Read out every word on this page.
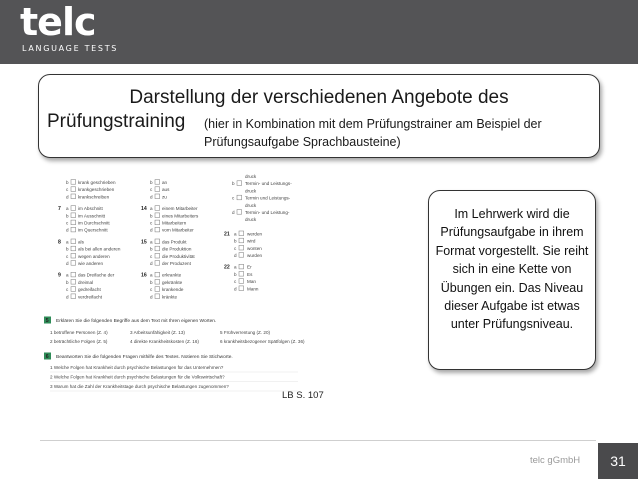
telc
LANGUAGE TESTS
Darstellung der verschiedenen Angebote des
Prüfungstraining (hier in Kombination mit dem Prüfungstrainer am Beispiel der
Prüfungsaufgabe Sprachbausteine)
b krank geschrieben
c krankgeschrieben
d krankschreiben
7 a im Abschnitt
b im Ausschnitt
c im Durchschnitt
d im Querschnitt
8 a als
b als bei allen anderen
c wegen anderen
d wie anderen
9 a das Dreifache der
b dreimal
c gedreifacht
d verdreifacht
b an
c aus
d zu
14 a einem Mitarbeiter
b eines Mitarbeiters
c Mitarbeitern
d vom Mitarbeiter
15 a das Produkt
b die Produktion
c die Produktivität
d der Produzent
16 a erkrankte
b gekränkte
c krankende
d kränkte
druck
b Termin- und Leistungs-
druck
c Termin und Leistungs-
druck
d Termin- und Leistung-
druck
21 a werden
b wird
c wonten
d wurden
22 a Er
b Es
c Man
d Mann
5 Erklären Sie die folgenden Begriffe aus dem Text mit Ihren eigenen Worten.
1 betroffene Personen (Z. 4)
2 beträchtliche Folgen (Z. 5)
3 Arbeitsunfähigkeit (Z. 13)
4 direkte Krankheitskosten (Z. 16)
5 Frühverrentung (Z. 20)
6 krankheitsbezogener Spätfolgen (Z. 36)
6 Beantworten Sie die folgenden Fragen mithilfe des Textes. Notieren Sie Stichworte.
1 Welche Folgen hat Krankheit durch psychische Belastungen für das Unternehmen?
2 Welche Folgen hat Krankheit durch psychische Belastungen für die Volkswirtschaft?
3 Warum hat die Zahl der Krankheitstage durch psychische Belastungen zugenommen?
LB S. 107
Im Lehrwerk wird die Prüfungsaufgabe in ihrem Format vorgestellt. Sie reiht sich in eine Kette von Übungen ein. Das Niveau dieser Aufgabe ist etwas unter Prüfungsniveau.
telc gGmbH	31
